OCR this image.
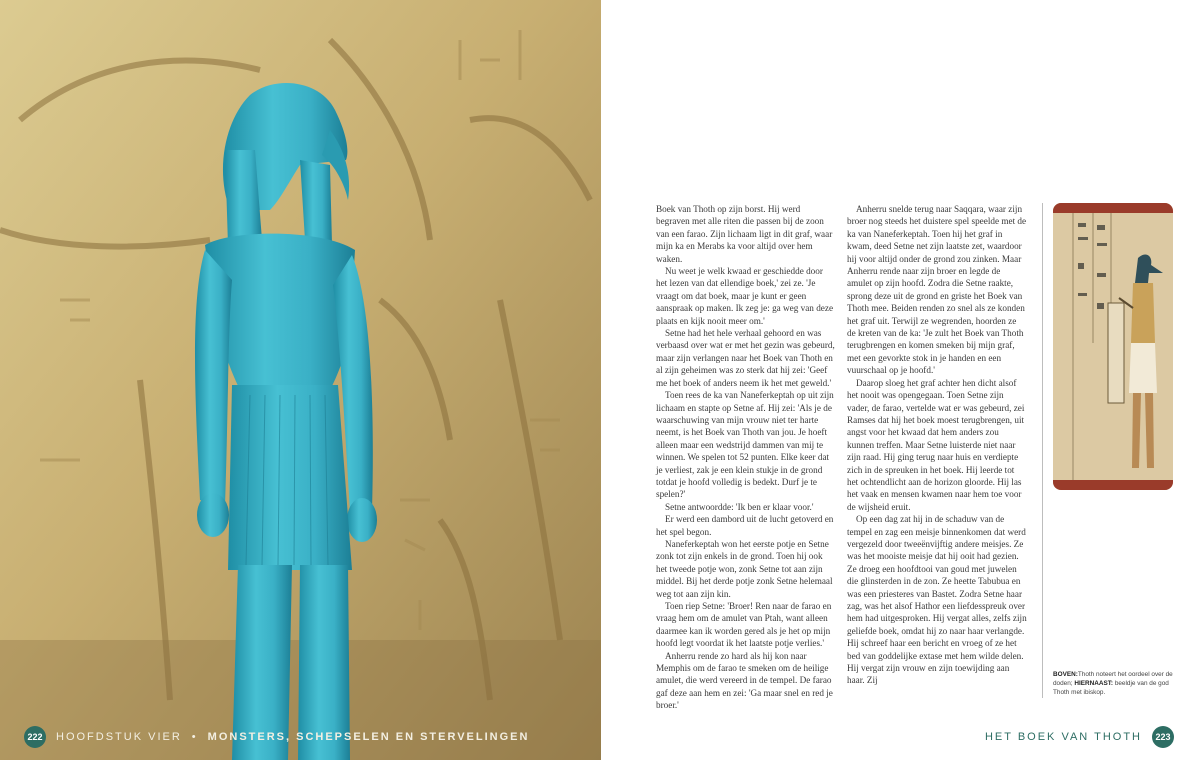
222	HOOFDSTUK VIER • MONSTERS, SCHEPSELEN EN STERVELINGEN

Boek van Thoth op zijn borst. Hij werd begraven met alle riten die passen bij de zoon van een farao. Zijn lichaam ligt in dit graf, waar mijn ka en Merabs ka voor altijd over hem waken.

Nu weet je welk kwaad er geschiedde door het lezen van dat ellendige boek,' zei ze. 'Je vraagt om dat boek, maar je kunt er geen aanspraak op maken. Ik zeg je: ga weg van deze plaats en kijk nooit meer om.'

Setne had het hele verhaal gehoord en was verbaasd over wat er met het gezin was gebeurd, maar zijn verlangen naar het Boek van Thoth en al zijn geheimen was zo sterk dat hij zei: 'Geef me het boek of anders neem ik het met geweld.'

Toen rees de ka van Naneferkeptah op uit zijn lichaam en stapte op Setne af. Hij zei: 'Als je de waarschuwing van mijn vrouw niet ter harte neemt, is het Boek van Thoth van jou. Je hoeft alleen maar een wedstrijd dammen van mij te winnen. We spelen tot 52 punten. Elke keer dat je verliest, zak je een klein stukje in de grond totdat je hoofd volledig is bedekt. Durf je te spelen?'

Setne antwoordde: 'Ik ben er klaar voor.'

Er werd een dambord uit de lucht getoverd en het spel begon.

Naneferkeptah won het eerste potje en Setne zonk tot zijn enkels in de grond. Toen hij ook het tweede potje won, zonk Setne tot aan zijn middel. Bij het derde potje zonk Setne helemaal weg tot aan zijn kin.

Toen riep Setne: 'Broer! Ren naar de farao en vraag hem om de amulet van Ptah, want alleen daarmee kan ik worden gered als je het op mijn hoofd legt voordat ik het laatste potje verlies.'

Anherru rende zo hard als hij kon naar Memphis om de farao te smeken om de heilige amulet, die werd vereerd in de tempel. De farao gaf deze aan hem en zei: 'Ga maar snel en red je broer.'

Anherru snelde terug naar Saqqara, waar zijn broer nog steeds het duistere spel speelde met de ka van Naneferkeptah. Toen hij het graf in kwam, deed Setne net zijn laatste zet, waardoor hij voor altijd onder de grond zou zinken. Maar Anherru rende naar zijn broer en legde de amulet op zijn hoofd. Zodra die Setne raakte, sprong deze uit de grond en griste het Boek van Thoth mee. Beiden renden zo snel als ze konden het graf uit. Terwijl ze wegrenden, hoorden ze de kreten van de ka: 'Je zult het Boek van Thoth terugbrengen en komen smeken bij mijn graf, met een gevorkte stok in je handen en een vuurschaal op je hoofd.'

Daarop sloeg het graf achter hen dicht alsof het nooit was opengegaan. Toen Setne zijn vader, de farao, vertelde wat er was gebeurd, zei Ramses dat hij het boek moest terugbrengen, uit angst voor het kwaad dat hem anders zou kunnen treffen. Maar Setne luisterde niet naar zijn raad. Hij ging terug naar huis en verdiepte zich in de spreuken in het boek. Hij leerde tot het ochtendlicht aan de horizon gloorde. Hij las het vaak en mensen kwamen naar hem toe voor de wijsheid eruit.

Op een dag zat hij in de schaduw van de tempel en zag een meisje binnenkomen dat werd vergezeld door tweeënvijftig andere meisjes. Ze was het mooiste meisje dat hij ooit had gezien. Ze droeg een hoofdtooi van goud met juwelen die glinsterden in de zon. Ze heette Tabubua en was een priesteres van Bastet. Zodra Setne haar zag, was het alsof Hathor een liefdesspreuk over hem had uitgesproken. Hij vergat alles, zelfs zijn geliefde boek, omdat hij zo naar haar verlangde. Hij schreef haar een bericht en vroeg of ze het bed van goddelijke extase met hem wilde delen. Hij vergat zijn vrouw en zijn toewijding aan haar. Zij

BOVEN:Thoth noteert het oordeel over de doden; HIERNAAST: beeldje van de god Thoth met ibiskop.
HET BOEK VAN THOTH	223
